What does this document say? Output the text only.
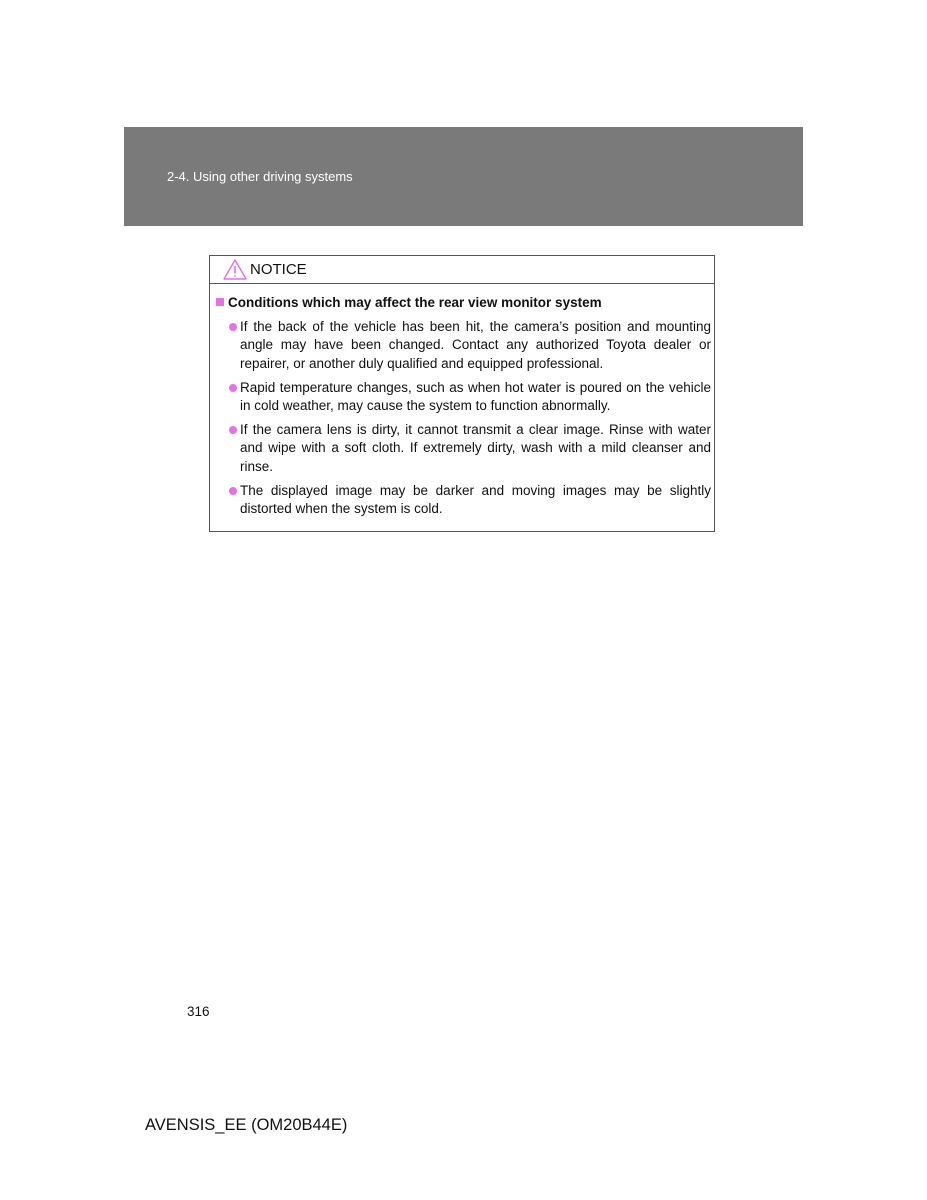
2-4. Using other driving systems
NOTICE
Conditions which may affect the rear view monitor system
If the back of the vehicle has been hit, the camera’s position and mounting angle may have been changed. Contact any authorized Toyota dealer or repairer, or another duly qualified and equipped professional.
Rapid temperature changes, such as when hot water is poured on the vehicle in cold weather, may cause the system to function abnormally.
If the camera lens is dirty, it cannot transmit a clear image. Rinse with water and wipe with a soft cloth. If extremely dirty, wash with a mild cleanser and rinse.
The displayed image may be darker and moving images may be slightly distorted when the system is cold.
316
AVENSIS_EE (OM20B44E)
